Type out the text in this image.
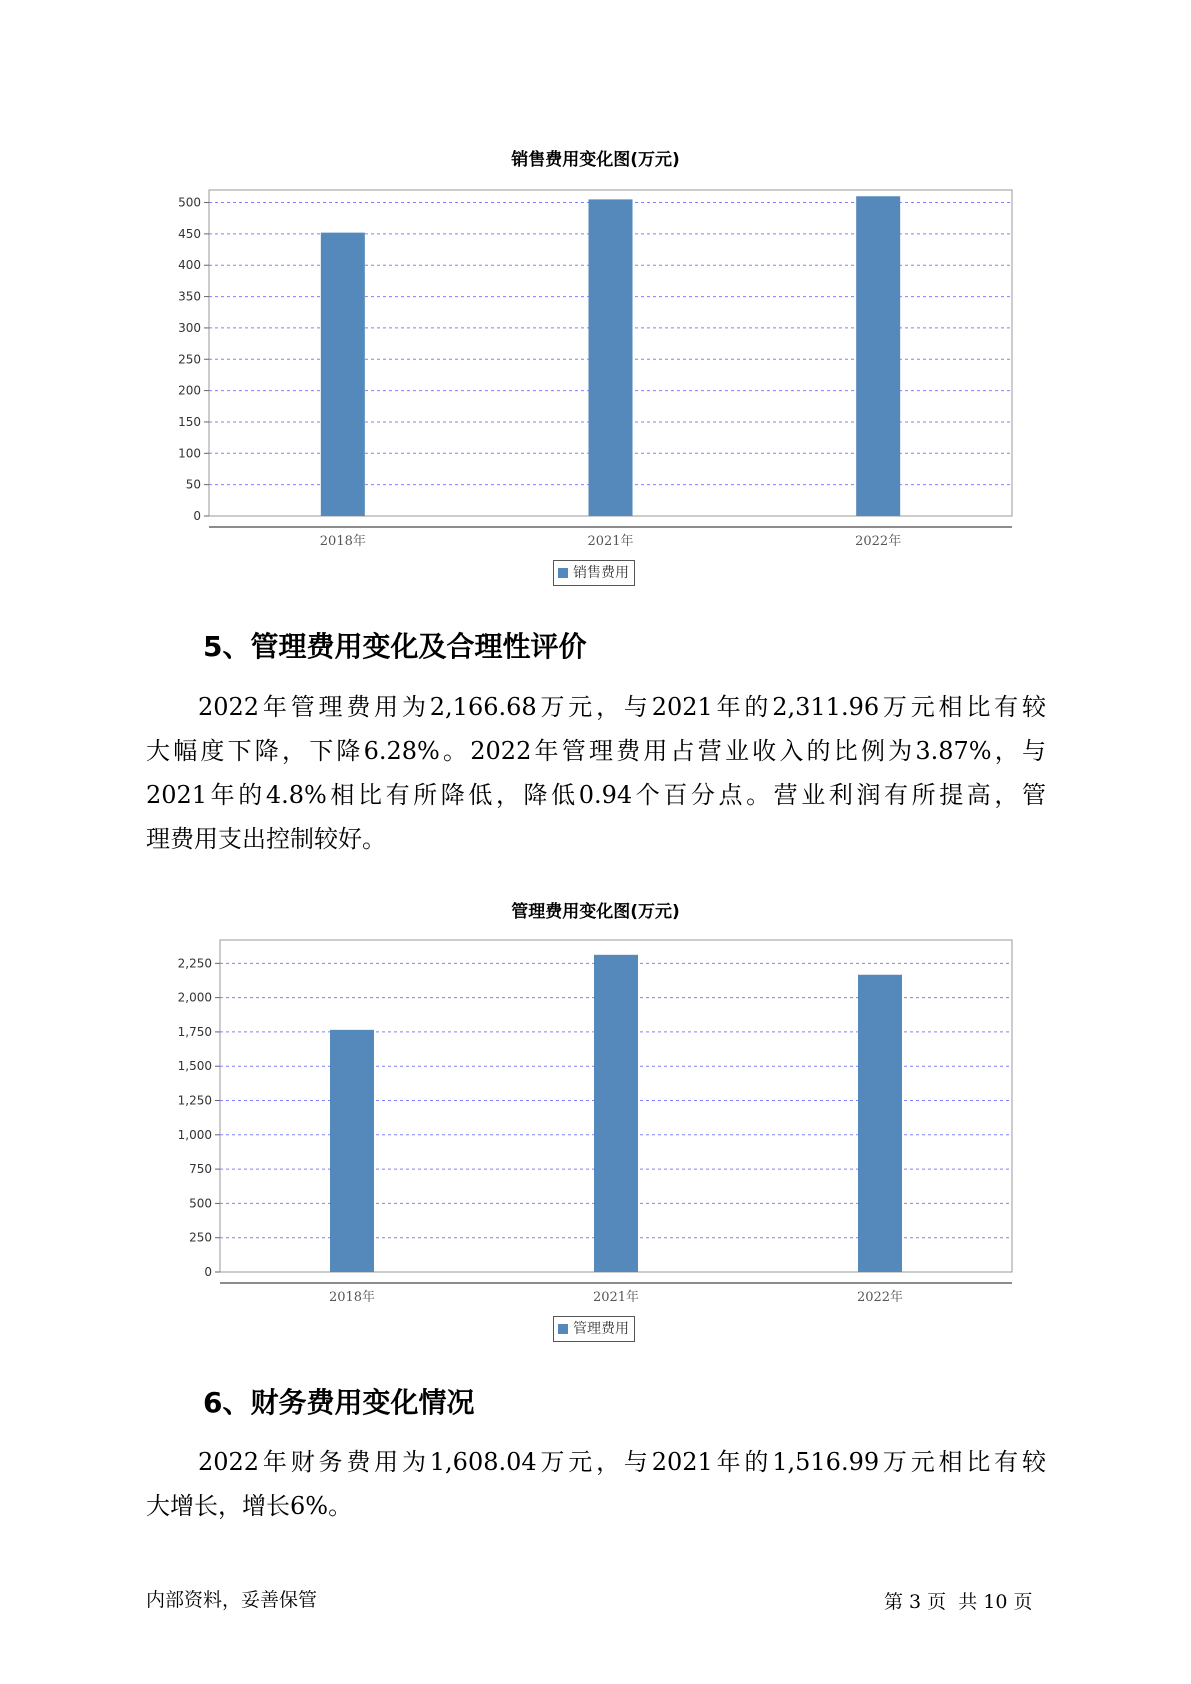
销售费用变化图(万元)
0
50
100
150
200
250
300
350
400
450
500
2018年	2021年	2022年
销售费用
5、管理费用变化及合理性评价
2022年管理费用为2,166.68万元，与2021年的2,311.96万元相比有较
大幅度下降，下降6.28%。2022年管理费用占营业收入的比例为3.87%，与
2021年的4.8%相比有所降低，降低0.94个百分点。营业利润有所提高，管
理费用支出控制较好。
管理费用变化图(万元)
0
250
500
750
1,000
1,250
1,500
1,750
2,000
2,250
2018年	2021年	2022年
管理费用
6、财务费用变化情况
2022年财务费用为1,608.04万元，与2021年的1,516.99万元相比有较
大增长，增长6%。
内部资料，妥善保管	第 3 页  共 10 页
